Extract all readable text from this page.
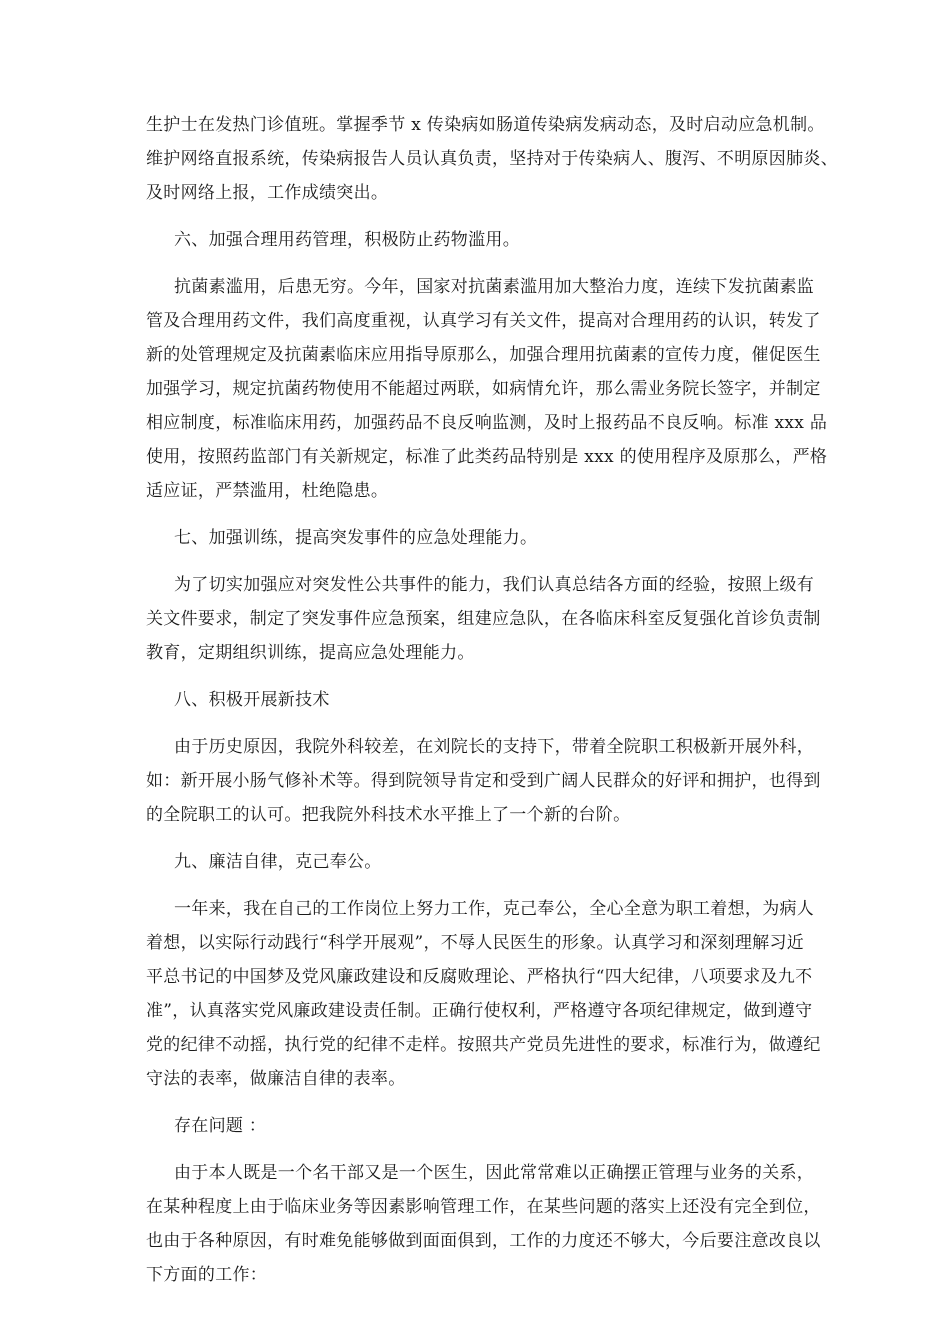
生护士在发热门诊值班。掌握季节 x 传染病如肠道传染病发病动态，及时启动应急机制。
维护网络直报系统，传染病报告人员认真负责，坚持对于传染病人、腹泻、不明原因肺炎、
及时网络上报，工作成绩突出。

六、加强合理用药管理，积极防止药物滥用。

抗菌素滥用，后患无穷。今年，国家对抗菌素滥用加大整治力度，连续下发抗菌素监
管及合理用药文件，我们高度重视，认真学习有关文件，提高对合理用药的认识，转发了
新的处管理规定及抗菌素临床应用指导原那么，加强合理用抗菌素的宣传力度，催促医生
加强学习，规定抗菌药物使用不能超过两联，如病情允许，那么需业务院长签字，并制定
相应制度，标准临床用药，加强药品不良反响监测，及时上报药品不良反响。标准 xxx 品
使用，按照药监部门有关新规定，标准了此类药品特别是 xxx 的使用程序及原那么，严格
适应证，严禁滥用，杜绝隐患。

七、加强训练，提高突发事件的应急处理能力。

为了切实加强应对突发性公共事件的能力，我们认真总结各方面的经验，按照上级有
关文件要求，制定了突发事件应急预案，组建应急队，在各临床科室反复强化首诊负责制
教育，定期组织训练，提高应急处理能力。

八、积极开展新技术

由于历史原因，我院外科较差，在刘院长的支持下，带着全院职工积极新开展外科，
如：新开展小肠气修补术等。得到院领导肯定和受到广阔人民群众的好评和拥护，也得到
的全院职工的认可。把我院外科技术水平推上了一个新的台阶。

九、廉洁自律，克己奉公。

一年来，我在自己的工作岗位上努力工作，克己奉公，全心全意为职工着想，为病人
着想，以实际行动践行“科学开展观”，不辱人民医生的形象。认真学习和深刻理解习近
平总书记的中国梦及党风廉政建设和反腐败理论、严格执行“四大纪律，八项要求及九不
准”，认真落实党风廉政建设责任制。正确行使权利，严格遵守各项纪律规定，做到遵守
党的纪律不动摇，执行党的纪律不走样。按照共产党员先进性的要求，标准行为，做遵纪
守法的表率，做廉洁自律的表率。

存在问题 ：

由于本人既是一个名干部又是一个医生，因此常常难以正确摆正管理与业务的关系，
在某种程度上由于临床业务等因素影响管理工作，在某些问题的落实上还没有完全到位，
也由于各种原因，有时难免能够做到面面俱到，工作的力度还不够大，今后要注意改良以
下方面的工作：
